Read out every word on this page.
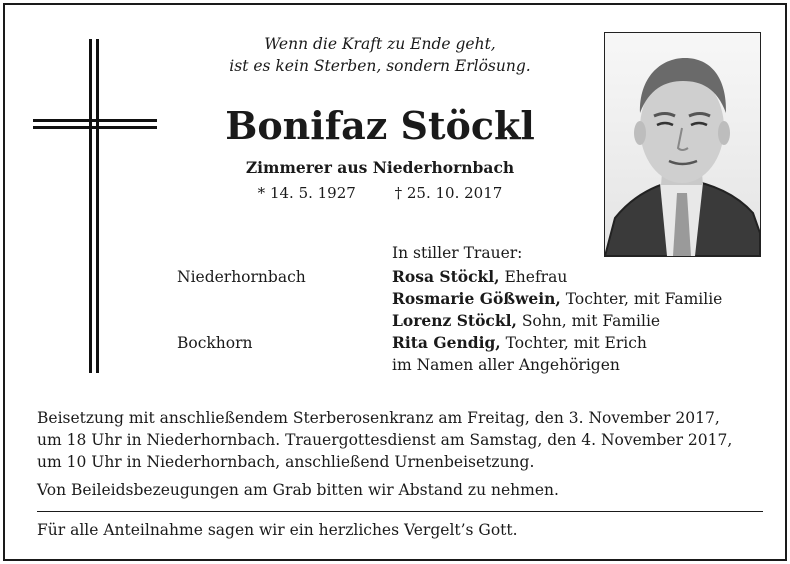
Wenn die Kraft zu Ende geht,
ist es kein Sterben, sondern Erlösung.
Bonifaz Stöckl
Zimmerer aus Niederhornbach
* 14. 5. 1927	† 25. 10. 2017
In stiller Trauer:
Niederhornbach
Bockhorn
Rosa Stöckl, Ehefrau
Rosmarie Gößwein, Tochter, mit Familie
Lorenz Stöckl, Sohn, mit Familie
Rita Gendig, Tochter, mit Erich
im Namen aller Angehörigen
Beisetzung mit anschließendem Sterberosenkranz am Freitag, den 3. November 2017,
um 18 Uhr in Niederhornbach. Trauergottesdienst am Samstag, den 4. November 2017,
um 10 Uhr in Niederhornbach, anschließend Urnenbeisetzung.
Von Beileidsbezeugungen am Grab bitten wir Abstand zu nehmen.
Für alle Anteilnahme sagen wir ein herzliches Vergelt’s Gott.
